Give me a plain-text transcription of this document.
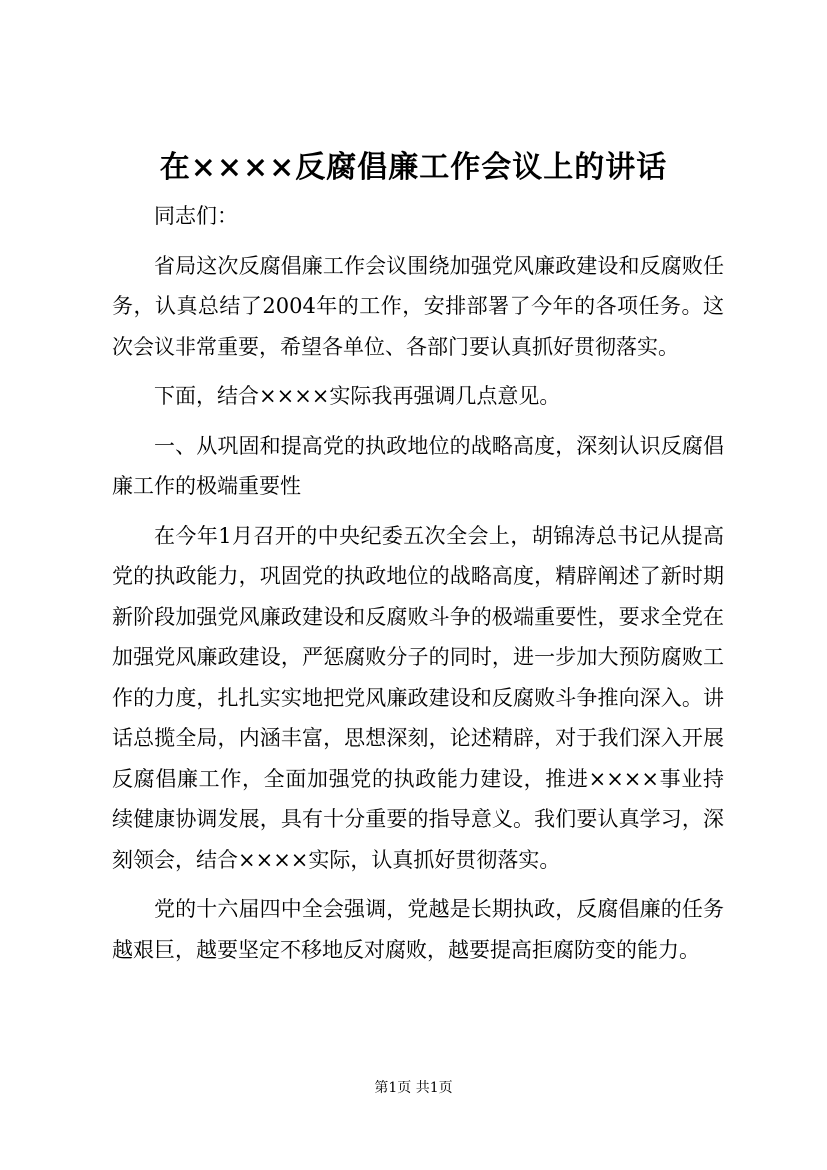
在××××反腐倡廉工作会议上的讲话

同志们：

省局这次反腐倡廉工作会议围绕加强党风廉政建设和反腐败任务，认真总结了2004年的工作，安排部署了今年的各项任务。这次会议非常重要，希望各单位、各部门要认真抓好贯彻落实。

下面，结合××××实际我再强调几点意见。

一、从巩固和提高党的执政地位的战略高度，深刻认识反腐倡廉工作的极端重要性

在今年1月召开的中央纪委五次全会上，胡锦涛总书记从提高党的执政能力，巩固党的执政地位的战略高度，精辟阐述了新时期新阶段加强党风廉政建设和反腐败斗争的极端重要性，要求全党在加强党风廉政建设，严惩腐败分子的同时，进一步加大预防腐败工作的力度，扎扎实实地把党风廉政建设和反腐败斗争推向深入。讲话总揽全局，内涵丰富，思想深刻，论述精辟，对于我们深入开展反腐倡廉工作，全面加强党的执政能力建设，推进××××事业持续健康协调发展，具有十分重要的指导意义。我们要认真学习，深刻领会，结合××××实际，认真抓好贯彻落实。

党的十六届四中全会强调，党越是长期执政，反腐倡廉的任务越艰巨，越要坚定不移地反对腐败，越要提高拒腐防变的能力。

第1页 共1页
